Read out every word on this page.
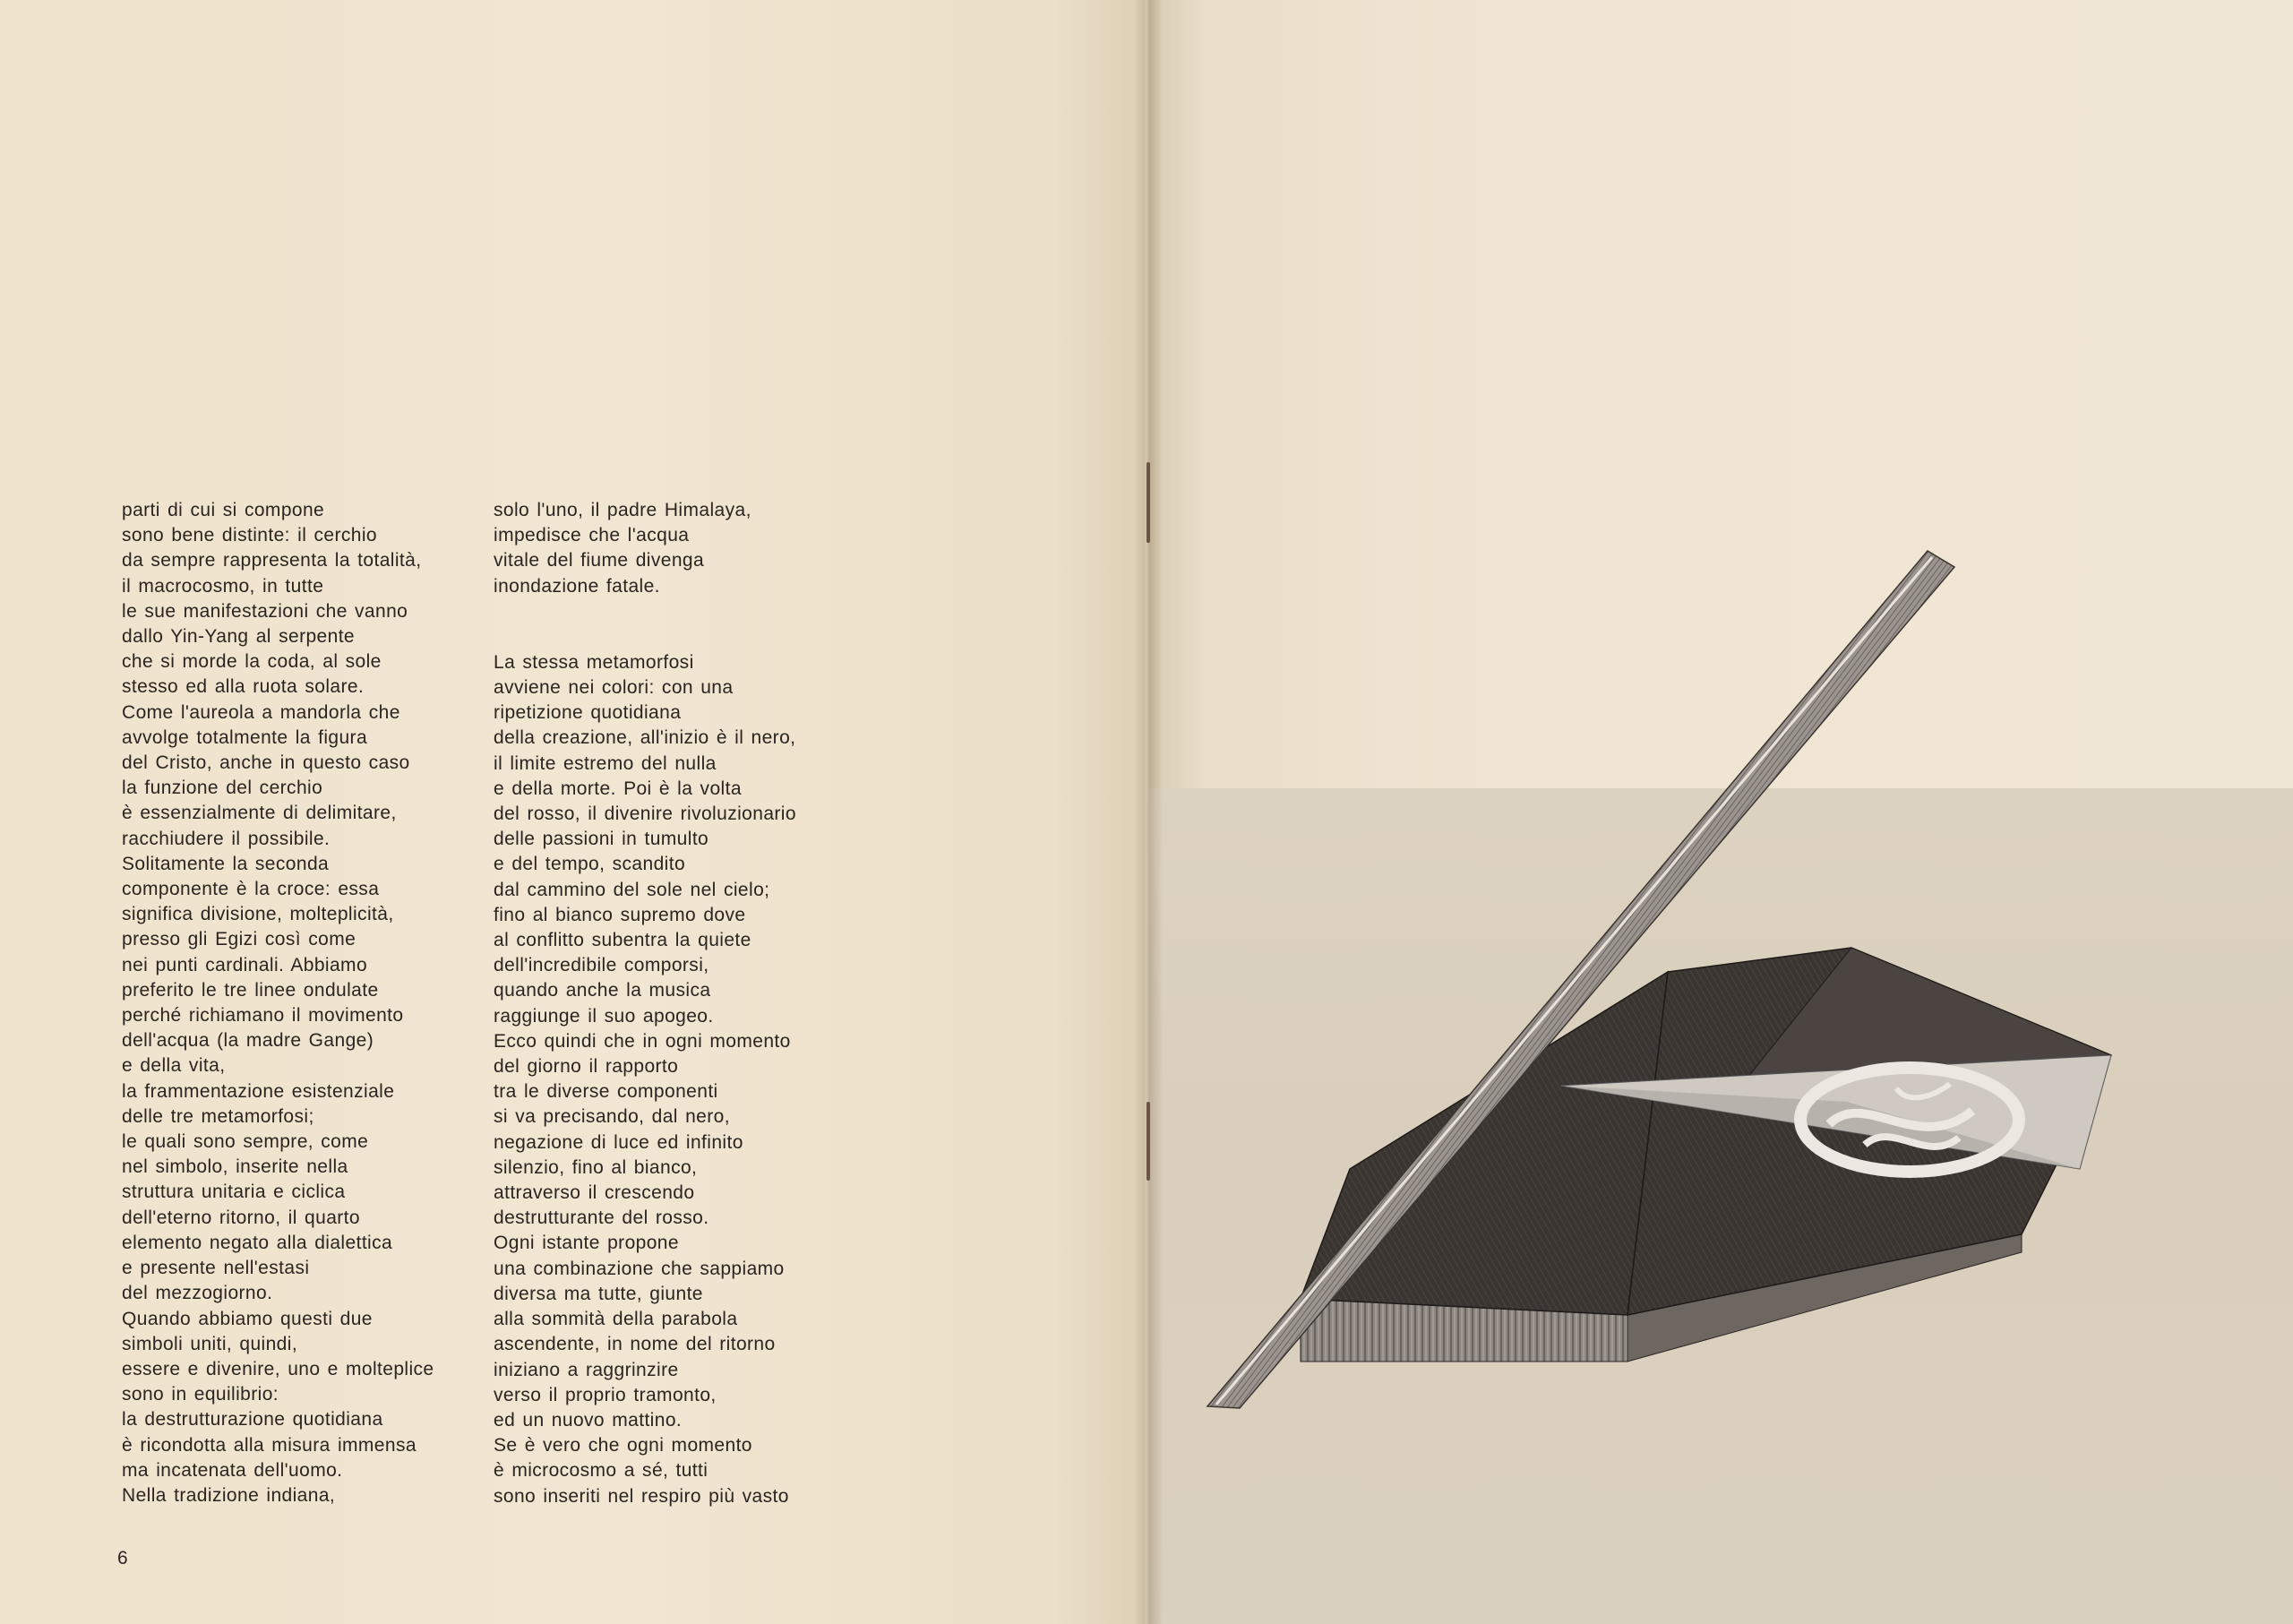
parti di cui si compone
sono bene distinte: il cerchio
da sempre rappresenta la totalità,
il macrocosmo, in tutte
le sue manifestazioni che vanno
dallo Yin-Yang al serpente
che si morde la coda, al sole
stesso ed alla ruota solare.
Come l'aureola a mandorla che
avvolge totalmente la figura
del Cristo, anche in questo caso
la funzione del cerchio
è essenzialmente di delimitare,
racchiudere il possibile.
Solitamente la seconda
componente è la croce: essa
significa divisione, molteplicità,
presso gli Egizi così come
nei punti cardinali. Abbiamo
preferito le tre linee ondulate
perché richiamano il movimento
dell'acqua (la madre Gange)
e della vita,
la frammentazione esistenziale
delle tre metamorfosi;
le quali sono sempre, come
nel simbolo, inserite nella
struttura unitaria e ciclica
dell'eterno ritorno, il quarto
elemento negato alla dialettica
e presente nell'estasi
del mezzogiorno.
Quando abbiamo questi due
simboli uniti, quindi,
essere e divenire, uno e molteplice
sono in equilibrio:
la destrutturazione quotidiana
è ricondotta alla misura immensa
ma incatenata dell'uomo.
Nella tradizione indiana,

solo l'uno, il padre Himalaya,
impedisce che l'acqua
vitale del fiume divenga
inondazione fatale.

La stessa metamorfosi
avviene nei colori: con una
ripetizione quotidiana
della creazione, all'inizio è il nero,
il limite estremo del nulla
e della morte. Poi è la volta
del rosso, il divenire rivoluzionario
delle passioni in tumulto
e del tempo, scandito
dal cammino del sole nel cielo;
fino al bianco supremo dove
al conflitto subentra la quiete
dell'incredibile comporsi,
quando anche la musica
raggiunge il suo apogeo.
Ecco quindi che in ogni momento
del giorno il rapporto
tra le diverse componenti
si va precisando, dal nero,
negazione di luce ed infinito
silenzio, fino al bianco,
attraverso il crescendo
destrutturante del rosso.
Ogni istante propone
una combinazione che sappiamo
diversa ma tutte, giunte
alla sommità della parabola
ascendente, in nome del ritorno
iniziano a raggrinzire
verso il proprio tramonto,
ed un nuovo mattino.
Se è vero che ogni momento
è microcosmo a sé, tutti
sono inseriti nel respiro più vasto

6
